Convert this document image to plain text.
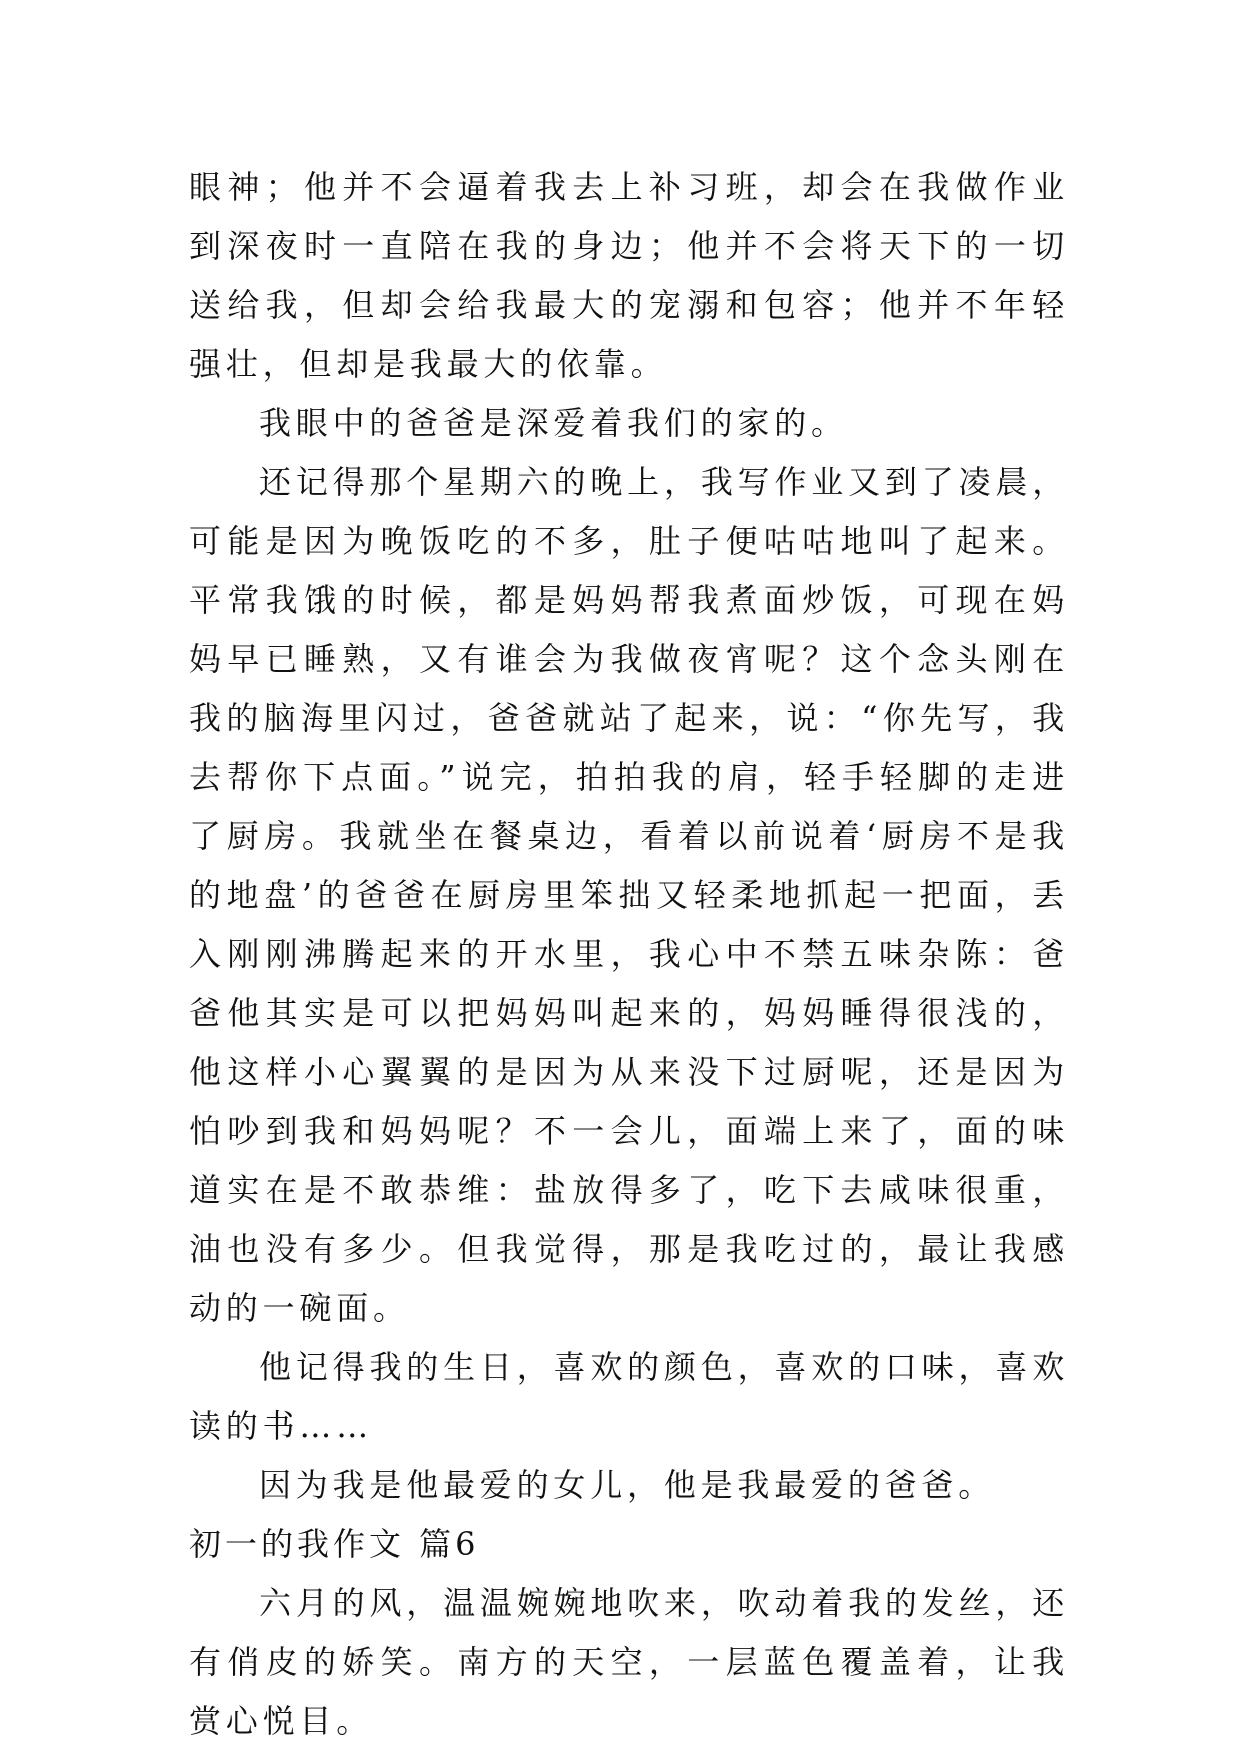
眼神；他并不会逼着我去上补习班，却会在我做作业到深夜时一直陪在我的身边；他并不会将天下的一切送给我，但却会给我最大的宠溺和包容；他并不年轻强壮，但却是我最大的依靠。

我眼中的爸爸是深爱着我们的家的。

还记得那个星期六的晚上，我写作业又到了凌晨，可能是因为晚饭吃的不多，肚子便咕咕地叫了起来。平常我饿的时候，都是妈妈帮我煮面炒饭，可现在妈妈早已睡熟，又有谁会为我做夜宵呢？这个念头刚在我的脑海里闪过，爸爸就站了起来，说：“你先写，我去帮你下点面。”说完，拍拍我的肩，轻手轻脚的走进了厨房。我就坐在餐桌边，看着以前说着‘厨房不是我的地盘’的爸爸在厨房里笨拙又轻柔地抓起一把面，丢入刚刚沸腾起来的开水里，我心中不禁五味杂陈：爸爸他其实是可以把妈妈叫起来的，妈妈睡得很浅的，他这样小心翼翼的是因为从来没下过厨呢，还是因为怕吵到我和妈妈呢？不一会儿，面端上来了，面的味道实在是不敢恭维：盐放得多了，吃下去咸味很重，油也没有多少。但我觉得，那是我吃过的，最让我感动的一碗面。

他记得我的生日，喜欢的颜色，喜欢的口味，喜欢读的书……

因为我是他最爱的女儿，他是我最爱的爸爸。

初一的我作文 篇6

六月的风，温温婉婉地吹来，吹动着我的发丝，还有俏皮的娇笑。南方的天空，一层蓝色覆盖着，让我赏心悦目。
